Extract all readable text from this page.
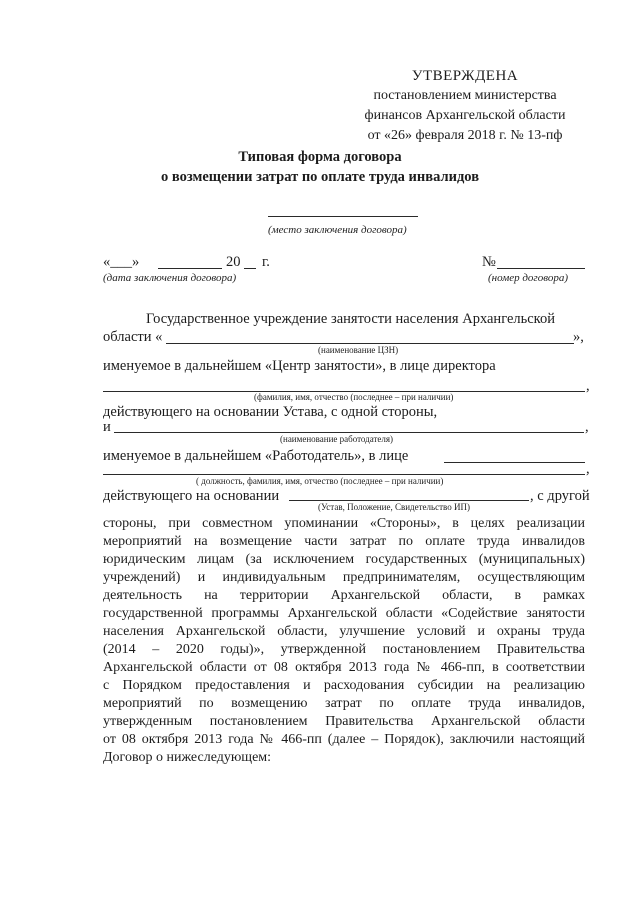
УТВЕРЖДЕНА
постановлением министерства
финансов Архангельской области
от «26» февраля 2018 г. № 13-пф
Типовая форма договора
о возмещении затрат по оплате труда инвалидов
(место заключения договора)
«___»	20 г.
(дата заключения договора)
№
(номер договора)
Государственное учреждение занятости населения Архангельской
области «	»,
(наименование ЦЗН)
именуемое в дальнейшем «Центр занятости», в лице директора
,
(фамилия, имя, отчество (последнее – при наличии)
действующего на основании Устава, с одной стороны,
и	,
(наименование работодателя)
именуемое в дальнейшем «Работодатель», в лице
,
( должность, фамилия, имя, отчество (последнее – при наличии)
действующего на основании	, с другой
(Устав, Положение, Свидетельство ИП)
стороны, при совместном упоминании «Стороны», в целях реализации
мероприятий на возмещение части затрат по оплате труда инвалидов
юридическим лицам (за исключением государственных (муниципальных)
учреждений) и индивидуальным предпринимателям, осуществляющим
деятельность на территории Архангельской области, в рамках
государственной программы Архангельской области «Содействие занятости
населения Архангельской области, улучшение условий и охраны труда
(2014 – 2020 годы)», утвержденной постановлением Правительства
Архангельской области от 08 октября 2013 года № 466-пп, в соответствии
с Порядком предоставления и расходования субсидии на реализацию
мероприятий по возмещению затрат по оплате труда инвалидов,
утвержденным постановлением Правительства Архангельской области
от 08 октября 2013 года № 466-пп (далее – Порядок), заключили настоящий
Договор о нижеследующем:
